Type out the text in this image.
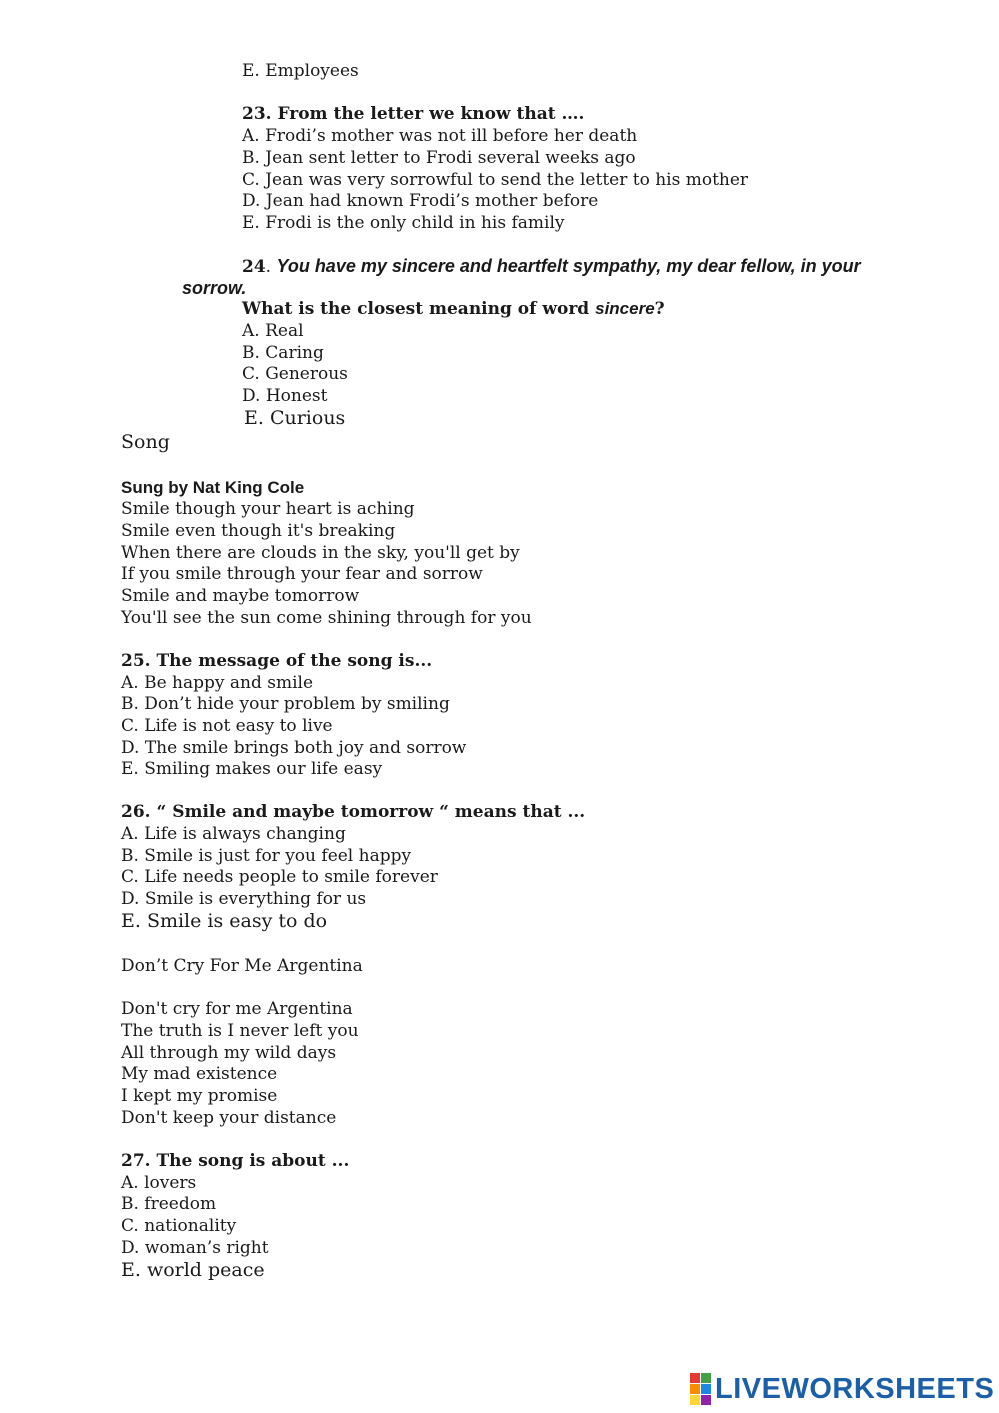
E. Employees
23. From the letter we know that ….
A. Frodi’s mother was not ill before her death
B. Jean sent letter to Frodi several weeks ago
C. Jean was very sorrowful to send the letter to his mother
D. Jean had known Frodi’s mother before
E. Frodi is the only child in his family
24. You have my sincere and heartfelt sympathy, my dear fellow, in your
sorrow.
What is the closest meaning of word sincere?
A. Real
B. Caring
C. Generous
D. Honest
E. Curious
Song
Sung by Nat King Cole
Smile though your heart is aching
Smile even though it's breaking
When there are clouds in the sky, you'll get by
If you smile through your fear and sorrow
Smile and maybe tomorrow
You'll see the sun come shining through for you
25. The message of the song is...
A. Be happy and smile
B. Don’t hide your problem by smiling
C. Life is not easy to live
D. The smile brings both joy and sorrow
E. Smiling makes our life easy
26. “ Smile and maybe tomorrow “ means that ...
A. Life is always changing
B. Smile is just for you feel happy
C. Life needs people to smile forever
D. Smile is everything for us
E. Smile is easy to do
Don’t Cry For Me Argentina
Don't cry for me Argentina
The truth is I never left you
All through my wild days
My mad existence
I kept my promise
Don't keep your distance
27. The song is about ...
A. lovers
B. freedom
C. nationality
D. woman’s right
E. world peace
LIVEWORKSHEETS
